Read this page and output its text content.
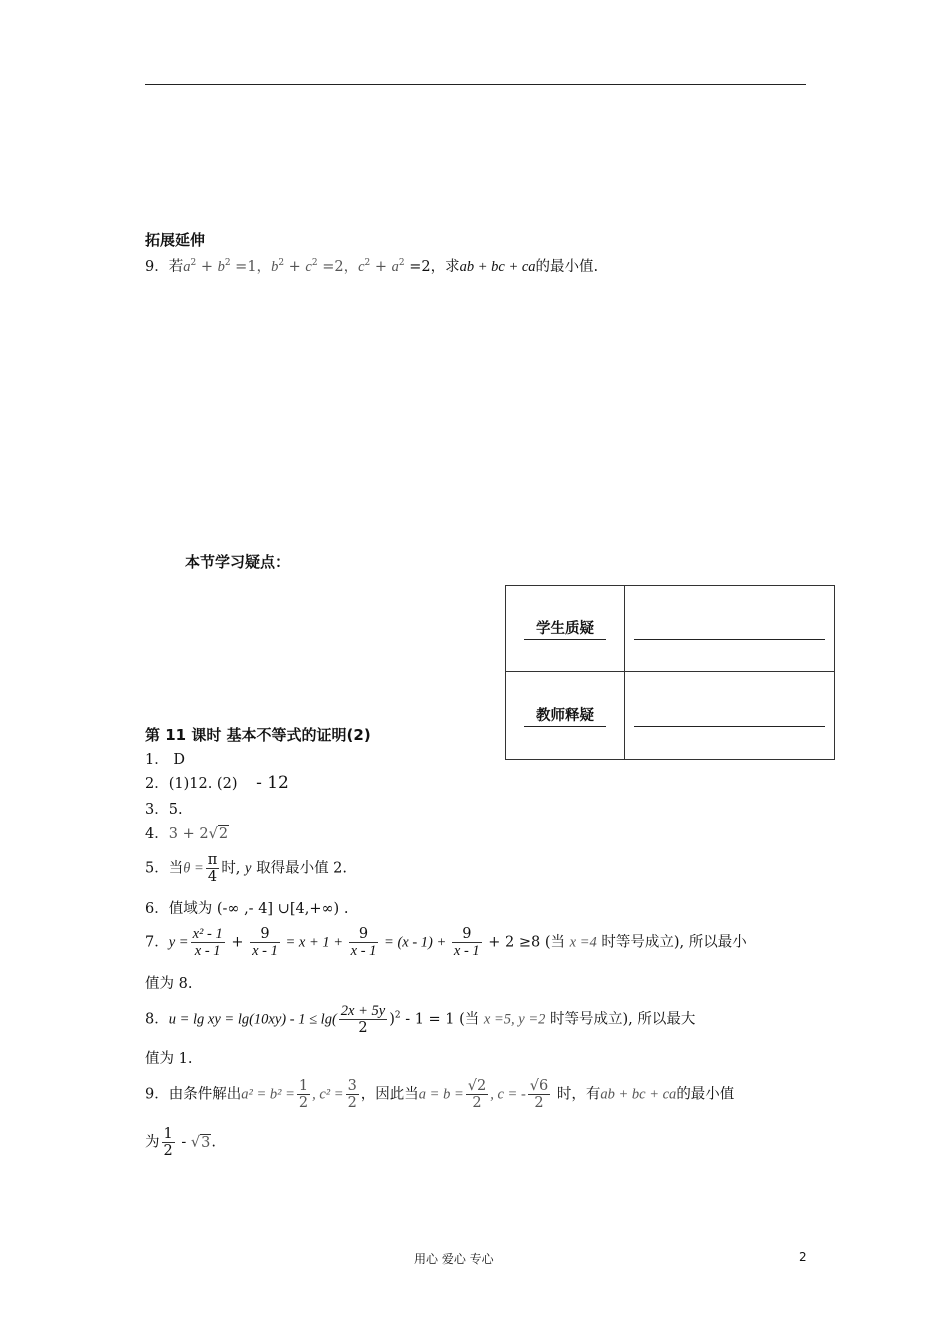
拓展延伸
9．若$a^2 + b^2 =1$，$b^2 + c^2 =2$，$c^2 + a^2 =2$，求ab + bc + ca的最小值.
本节学习疑点：
学生质疑	

教师释疑	
第 11 课时 基本不等式的证明(2)
1． D
2．(1)12. (2) - 12
3．5.
4．3 + 2√2
5．当$\theta = \frac{\pi}{4}$ 时, y 取得最小值 2.
6．值域为 (-∞ ,- 4] ∪[4,+∞) .
7．$y = \frac{\text{x² - 1}}{x - 1} + \frac{9}{x - 1} = x + 1 + \frac{9}{x - 1} = (x - 1) + \frac{9}{x - 1} + 2 \ge 8$ (当 x =4 时等号成立), 所以最小
值为 8.
8．u = lg xy = $\lg(10xy) - 1 \le \lg( \frac{2x + 5y}{2} )^2 - 1 = 1$ (当 x =5, y =2 时等号成立), 所以最大
值为 1.
9．由条件解出$a^2 = b^2 = \frac{1}{2}$ , $c^2 = \frac{3}{2}$ ，因此当$a = b = \frac{√2}{2}$ , c = - $\frac{√6}{2}$ 时，有ab + bc + ca的最小值
为 $\frac{1}{2} - √3$.
用心 爱心 专心	2
